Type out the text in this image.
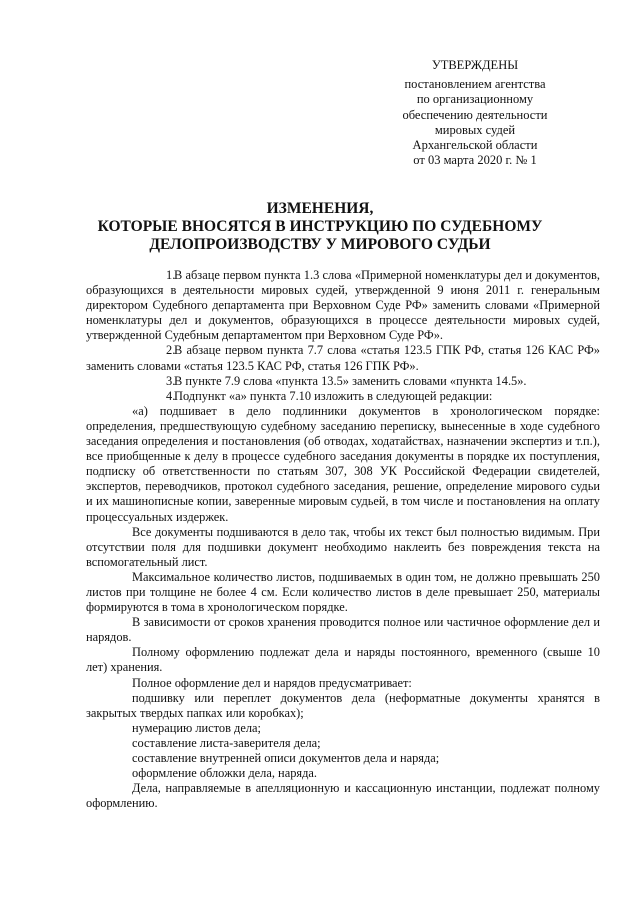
УТВЕРЖДЕНЫ
постановлением агентства
по организационному
обеспечению деятельности
мировых судей
Архангельской области
от 03 марта 2020 г. № 1
ИЗМЕНЕНИЯ,
КОТОРЫЕ ВНОСЯТСЯ В ИНСТРУКЦИЮ ПО СУДЕБНОМУ
ДЕЛОПРОИЗВОДСТВУ У МИРОВОГО СУДЬИ

1.В абзаце первом пункта 1.3 слова «Примерной номенклатуры дел и документов, образующихся в деятельности мировых судей, утвержденной 9 июня 2011 г. генеральным директором Судебного департамента при Верховном Суде РФ» заменить словами «Примерной номенклатуры дел и документов, образующихся в процессе деятельности мировых судей, утвержденной Судебным департаментом при Верховном Суде РФ».

2.В абзаце первом пункта 7.7 слова «статья 123.5 ГПК РФ, статья 126 КАС РФ» заменить словами «статья 123.5 КАС РФ, статья 126 ГПК РФ».

3.В пункте 7.9 слова «пункта 13.5» заменить словами «пункта 14.5».

4.Подпункт «а» пункта 7.10 изложить в следующей редакции:

«а) подшивает в дело подлинники документов в хронологическом порядке: определения, предшествующую судебному заседанию переписку, вынесенные в ходе судебного заседания определения и постановления (об отводах, ходатайствах, назначении экспертиз и т.п.), все приобщенные к делу в процессе судебного заседания документы в порядке их поступления, подписку об ответственности по статьям 307, 308 УК Российской Федерации свидетелей, экспертов, переводчиков, протокол судебного заседания, решение, определение мирового судьи и их машинописные копии, заверенные мировым судьей, в том числе и постановления на оплату процессуальных издержек.

Все документы подшиваются в дело так, чтобы их текст был полностью видимым. При отсутствии поля для подшивки документ необходимо наклеить без повреждения текста на вспомогательный лист.

Максимальное количество листов, подшиваемых в один том, не должно превышать 250 листов при толщине не более 4 см. Если количество листов в деле превышает 250, материалы формируются в тома в хронологическом порядке.

В зависимости от сроков хранения проводится полное или частичное оформление дел и нарядов.

Полному оформлению подлежат дела и наряды постоянного, временного (свыше 10 лет) хранения.

Полное оформление дел и нарядов предусматривает:

подшивку или переплет документов дела (неформатные документы хранятся в закрытых твердых папках или коробках);

нумерацию листов дела;

составление листа-заверителя дела;

составление внутренней описи документов дела и наряда;

оформление обложки дела, наряда.

Дела, направляемые в апелляционную и кассационную инстанции, подлежат полному оформлению.
